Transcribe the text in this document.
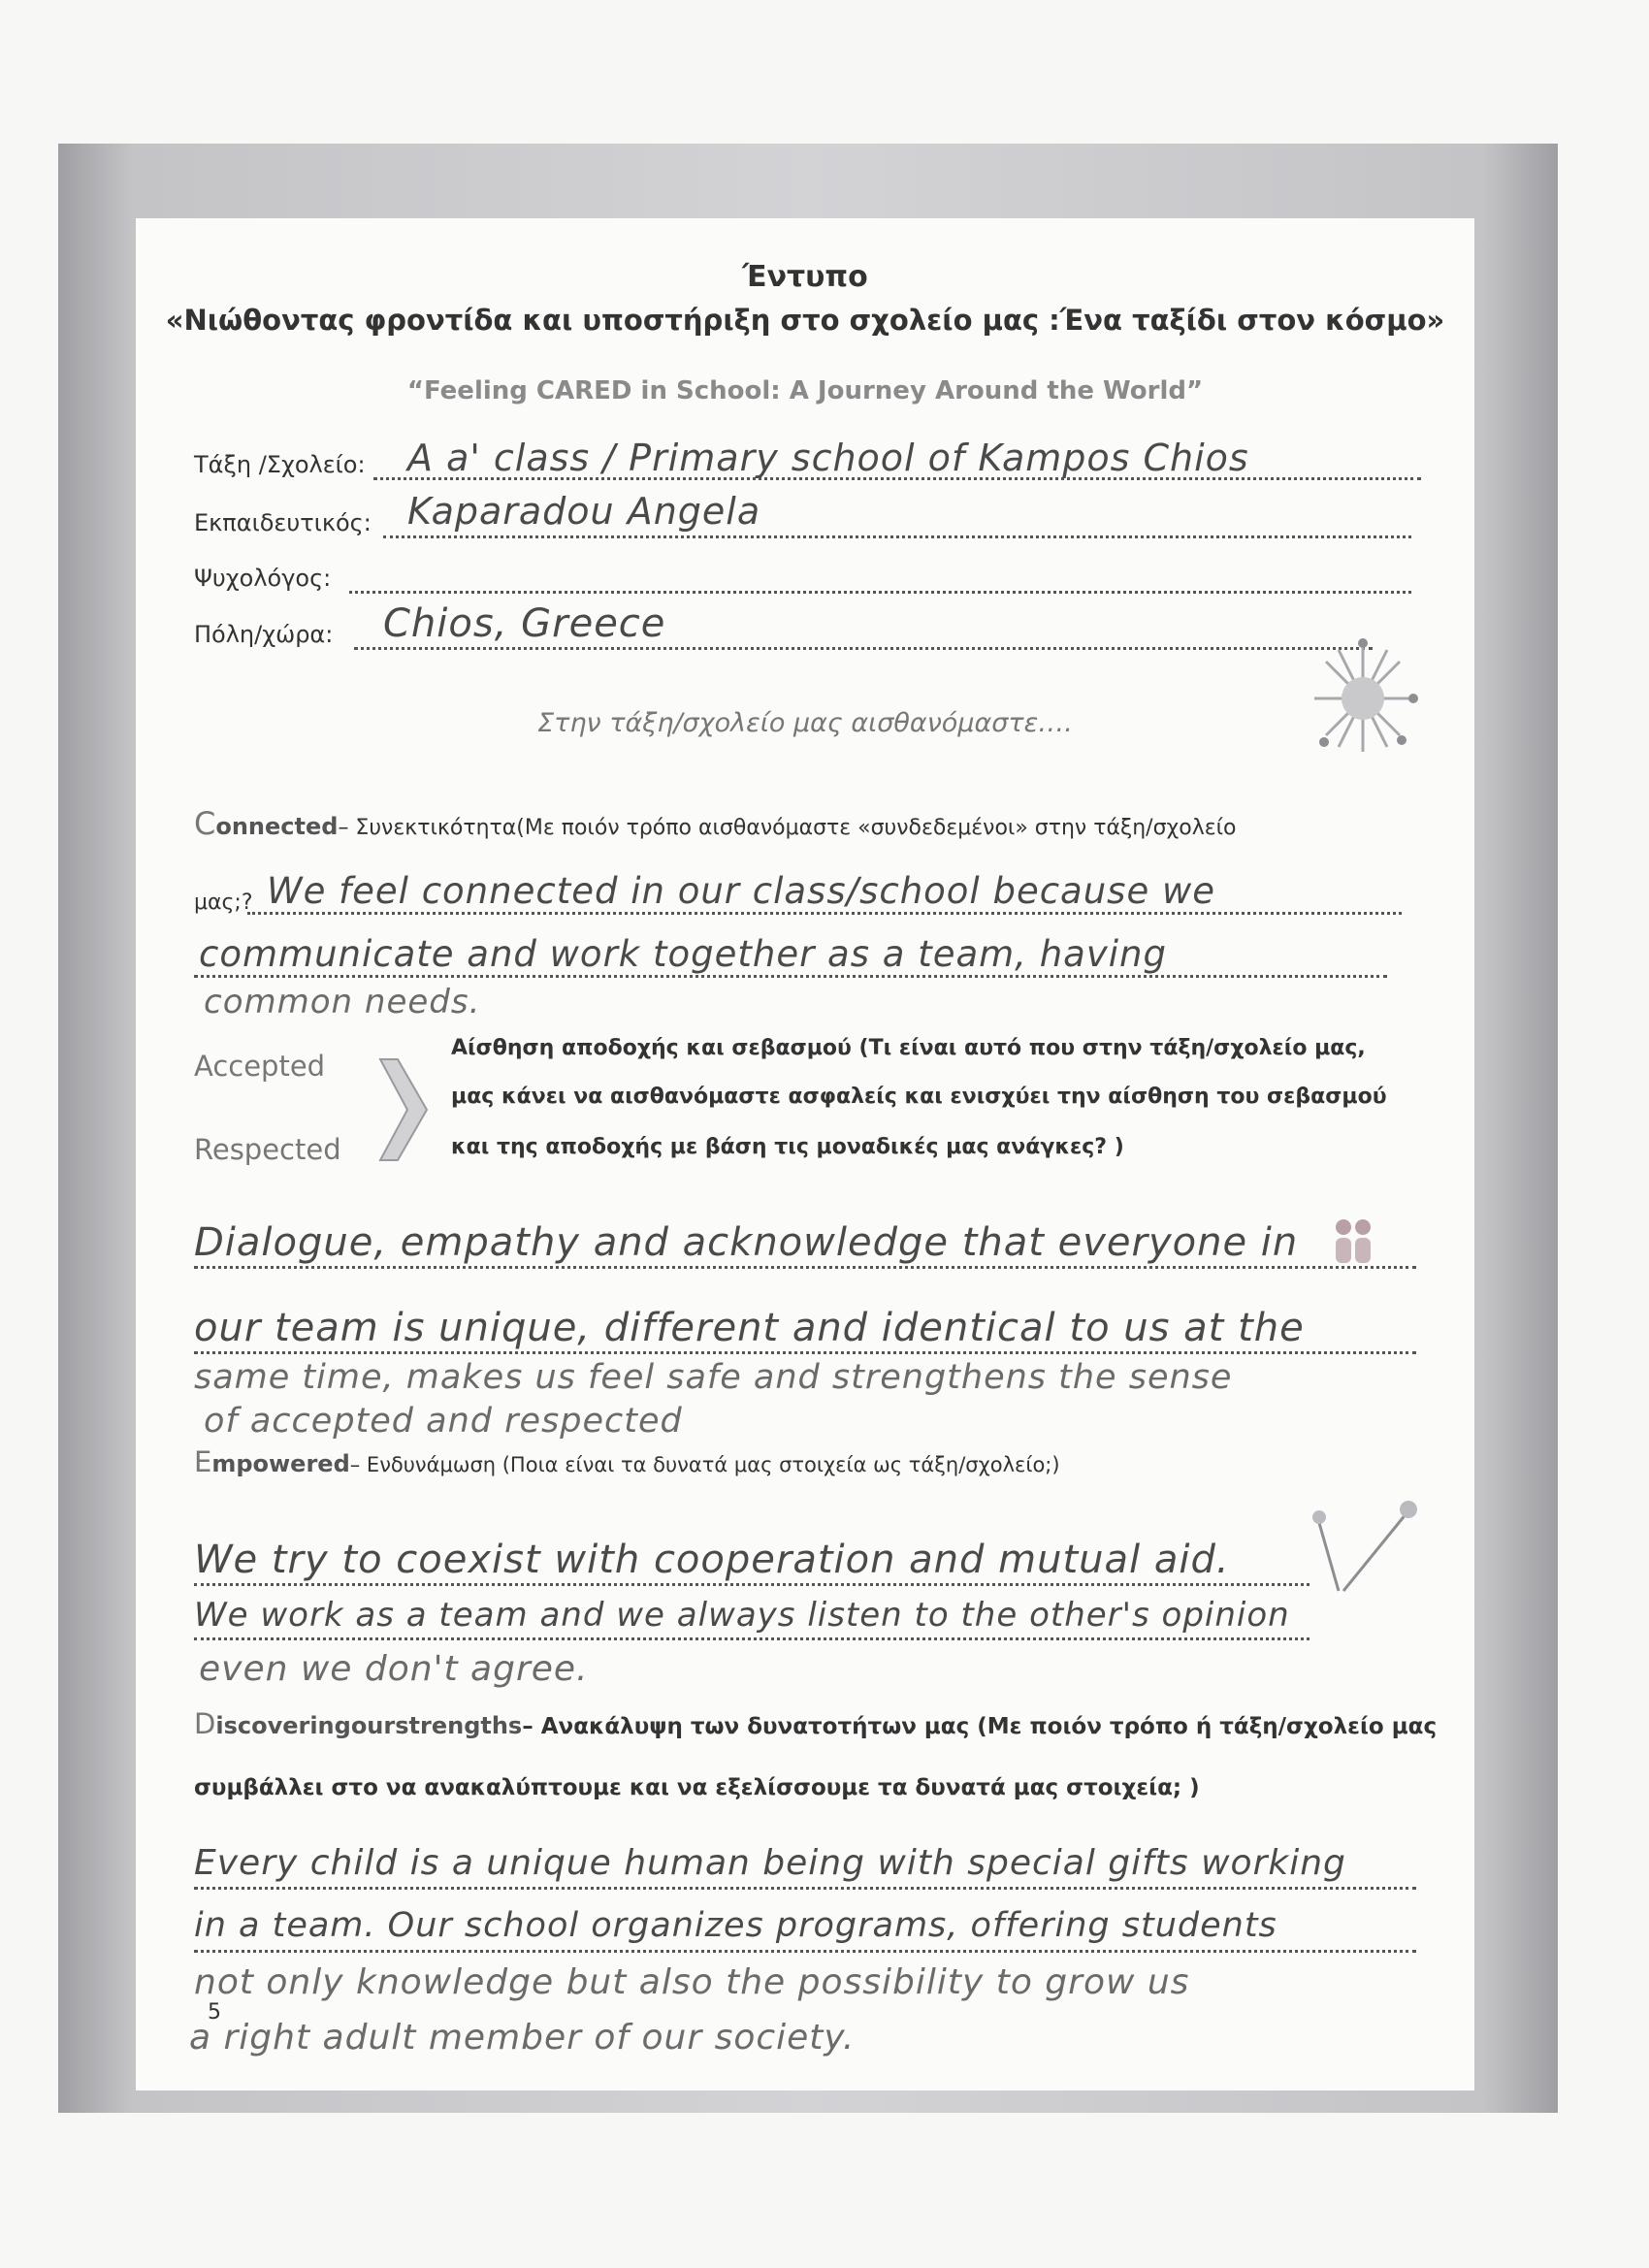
Έντυπο
«Νιώθοντας φροντίδα και υποστήριξη στο σχολείο μας :Ένα ταξίδι στον κόσμο»
“Feeling CARED in School: A Journey Around the World”
Τάξη /Σχολείο: A a' class / Primary school of Kampos Chios
Εκπαιδευτικός: Kaparadou Angela
Ψυχολόγος:
Πόλη/χώρα: Chios, Greece
Στην τάξη/σχολείο μας αισθανόμαστε….
Connected– Συνεκτικότητα(Με ποιόν τρόπο αισθανόμαστε «συνδεδεμένοι» στην τάξη/σχολείο
μας;? We feel connected in our class/school because we
communicate and work together as a team, having
common needs.
Accepted
Respected
Αίσθηση αποδοχής και σεβασμού (Τι είναι αυτό που στην τάξη/σχολείο μας,
μας κάνει να αισθανόμαστε ασφαλείς και ενισχύει την αίσθηση του σεβασμού
και της αποδοχής με βάση τις μοναδικές μας ανάγκες? )
Dialogue, empathy and acknowledge that everyone in
our team is unique, different and identical to us at the
same time, makes us feel safe and strengthens the sense
of accepted and respected
Empowered– Ενδυνάμωση (Ποια είναι τα δυνατά μας στοιχεία ως τάξη/σχολείο;)
We try to coexist with cooperation and mutual aid.
We work as a team and we always listen to the other's opinion
even we don't agree.
Discoveringourstrengths– Ανακάλυψη των δυνατοτήτων μας (Με ποιόν τρόπο ή τάξη/σχολείο μας
συμβάλλει στο να ανακαλύπτουμε και να εξελίσσουμε τα δυνατά μας στοιχεία; )
Every child is a unique human being with special gifts working
in a team. Our school organizes programs, offering students
not only knowledge but also the possibility to grow us
a right adult member of our society.
5
